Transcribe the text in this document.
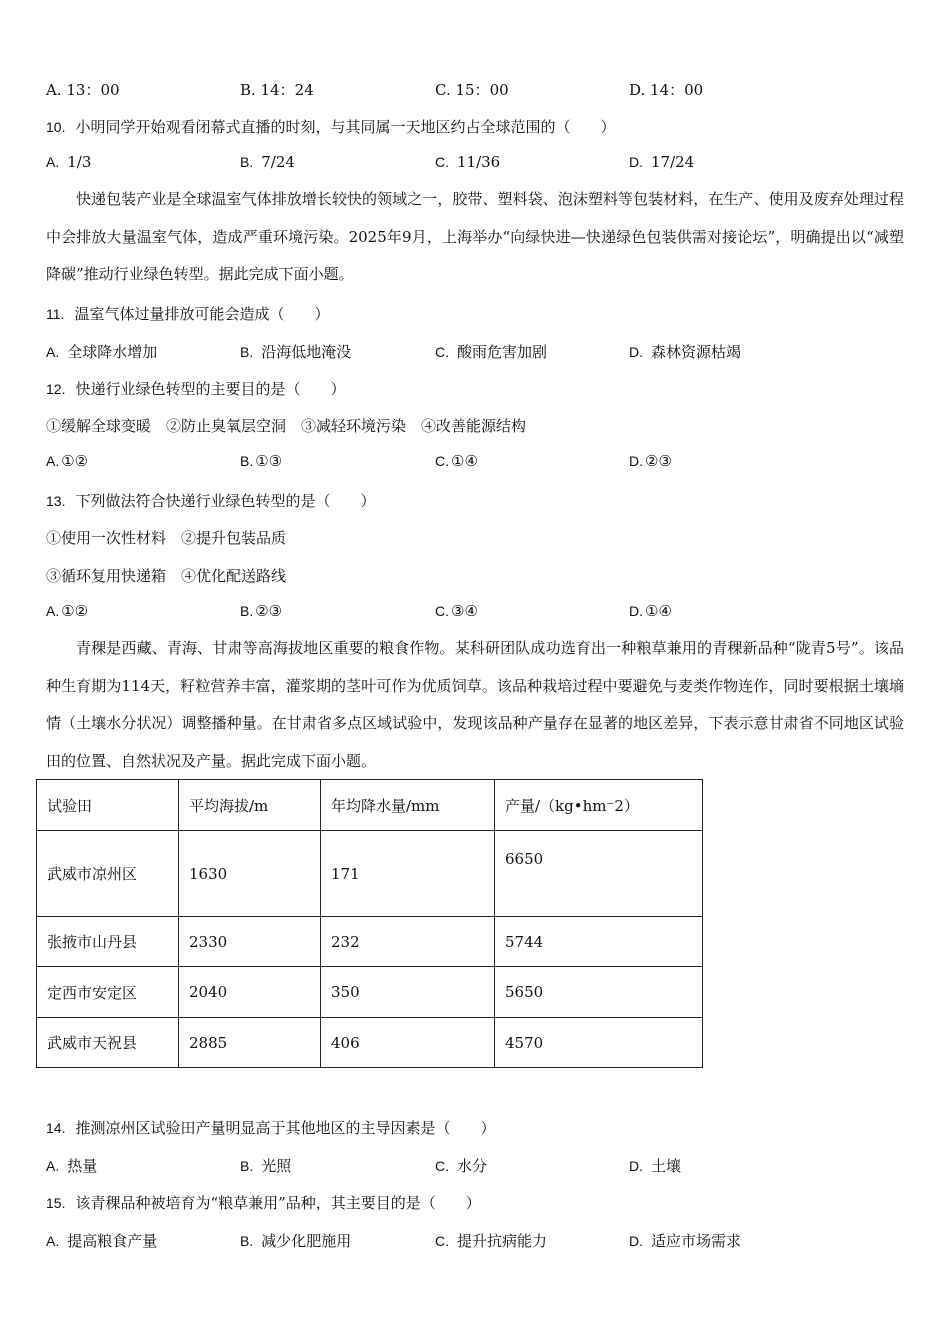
A. 13：00	B. 14：24	C. 15：00	D. 14：00
10. 小明同学开始观看闭幕式直播的时刻，与其同属一天地区约占全球范围的（　　）
A. 1/3	B. 7/24	C. 11/36	D. 17/24
快递包装产业是全球温室气体排放增长较快的领域之一，胶带、塑料袋、泡沫塑料等包装材料，在生产、使用及废弃处理过程中会排放大量温室气体，造成严重环境污染。2025年9月，上海举办“向绿快进—快递绿色包装供需对接论坛”，明确提出以“减塑降碳”推动行业绿色转型。据此完成下面小题。
11. 温室气体过量排放可能会造成（　　）
A. 全球降水增加	B. 沿海低地淹没	C. 酸雨危害加剧	D. 森林资源枯竭
12. 快递行业绿色转型的主要目的是（　　）
①缓解全球变暖　②防止臭氧层空洞　③减轻环境污染　④改善能源结构
A. ①②	B. ①③	C. ①④	D. ②③
13. 下列做法符合快递行业绿色转型的是（　　）
①使用一次性材料　②提升包装品质
③循环复用快递箱　④优化配送路线
A. ①②	B. ②③	C. ③④	D. ①④
青稞是西藏、青海、甘肃等高海拔地区重要的粮食作物。某科研团队成功选育出一种粮草兼用的青稞新品种“陇青5号”。该品种生育期为114天，籽粒营养丰富，灌浆期的茎叶可作为优质饲草。该品种栽培过程中要避免与麦类作物连作，同时要根据土壤墒情（土壤水分状况）调整播种量。在甘肃省多点区域试验中，发现该品种产量存在显著的地区差异，下表示意甘肃省不同地区试验田的位置、自然状况及产量。据此完成下面小题。
试验田	平均海拔/m	年均降水量/mm	产量/（kg•hm⁻2）
武威市凉州区	1630	171	6650
张掖市山丹县	2330	232	5744
定西市安定区	2040	350	5650
武威市天祝县	2885	406	4570
14. 推测凉州区试验田产量明显高于其他地区的主导因素是（　　）
A. 热量	B. 光照	C. 水分	D. 土壤
15. 该青稞品种被培育为“粮草兼用”品种，其主要目的是（　　）
A. 提高粮食产量	B. 减少化肥施用	C. 提升抗病能力	D. 适应市场需求
